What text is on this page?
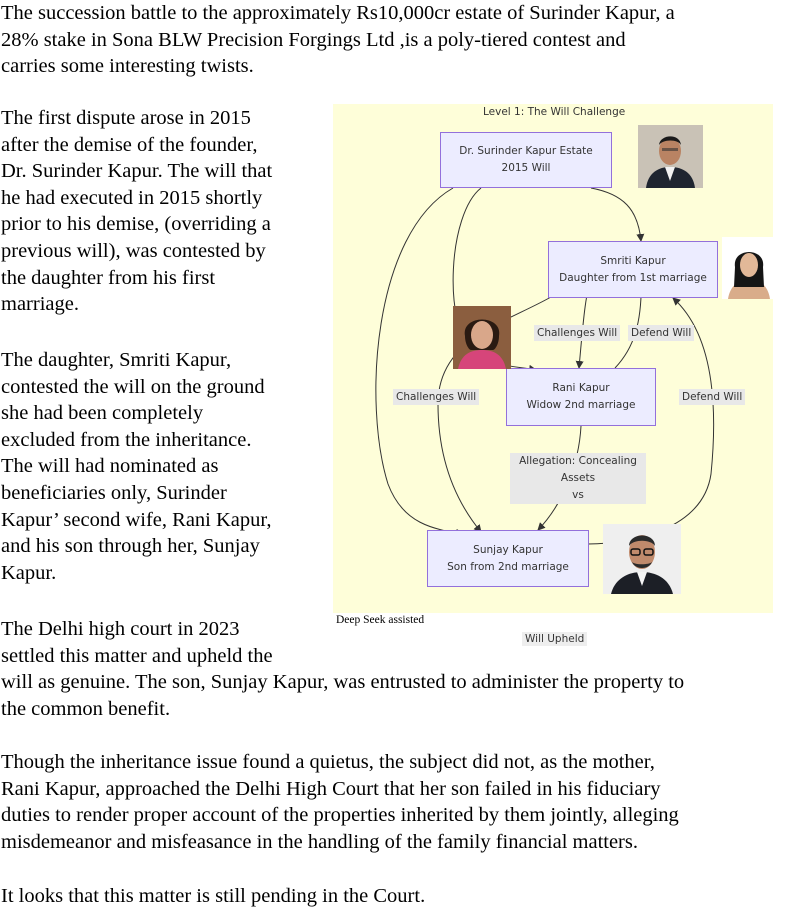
The succession battle to the approximately Rs10,000cr estate of Surinder Kapur, a
28% stake in Sona BLW Precision Forgings Ltd ,is a poly-tiered contest and
carries some interesting twists.

The first dispute arose in 2015
after the demise of the founder,
Dr. Surinder Kapur. The will that
he had executed in 2015 shortly
prior to his demise, (overriding a
previous will), was contested by
the daughter from his first
marriage.

The daughter, Smriti Kapur,
contested the will on the ground
she had been completely
excluded from the inheritance.
The will had nominated as
beneficiaries only, Surinder
Kapur’ second wife, Rani Kapur,
and his son through her, Sunjay
Kapur.

The Delhi high court in 2023
settled this matter and upheld the
will as genuine. The son, Sunjay Kapur, was entrusted to administer the property to
the common benefit.

Though the inheritance issue found a quietus, the subject did not, as the mother,
Rani Kapur, approached the Delhi High Court that her son failed in his fiduciary
duties to render proper account of the properties inherited by them jointly, alleging
misdemeanor and misfeasance in the handling of the family financial matters.

It looks that this matter is still pending in the Court.

Level 1: The Will Challenge
Dr. Surinder Kapur Estate
2015 Will
Smriti Kapur
Daughter from 1st marriage
Rani Kapur
Widow 2nd marriage
Sunjay Kapur
Son from 2nd marriage
Challenges Will Defend Will
Challenges Will	Defend Will
Allegation: Concealing
Assets
vs
Deep Seek assisted
Will Upheld
